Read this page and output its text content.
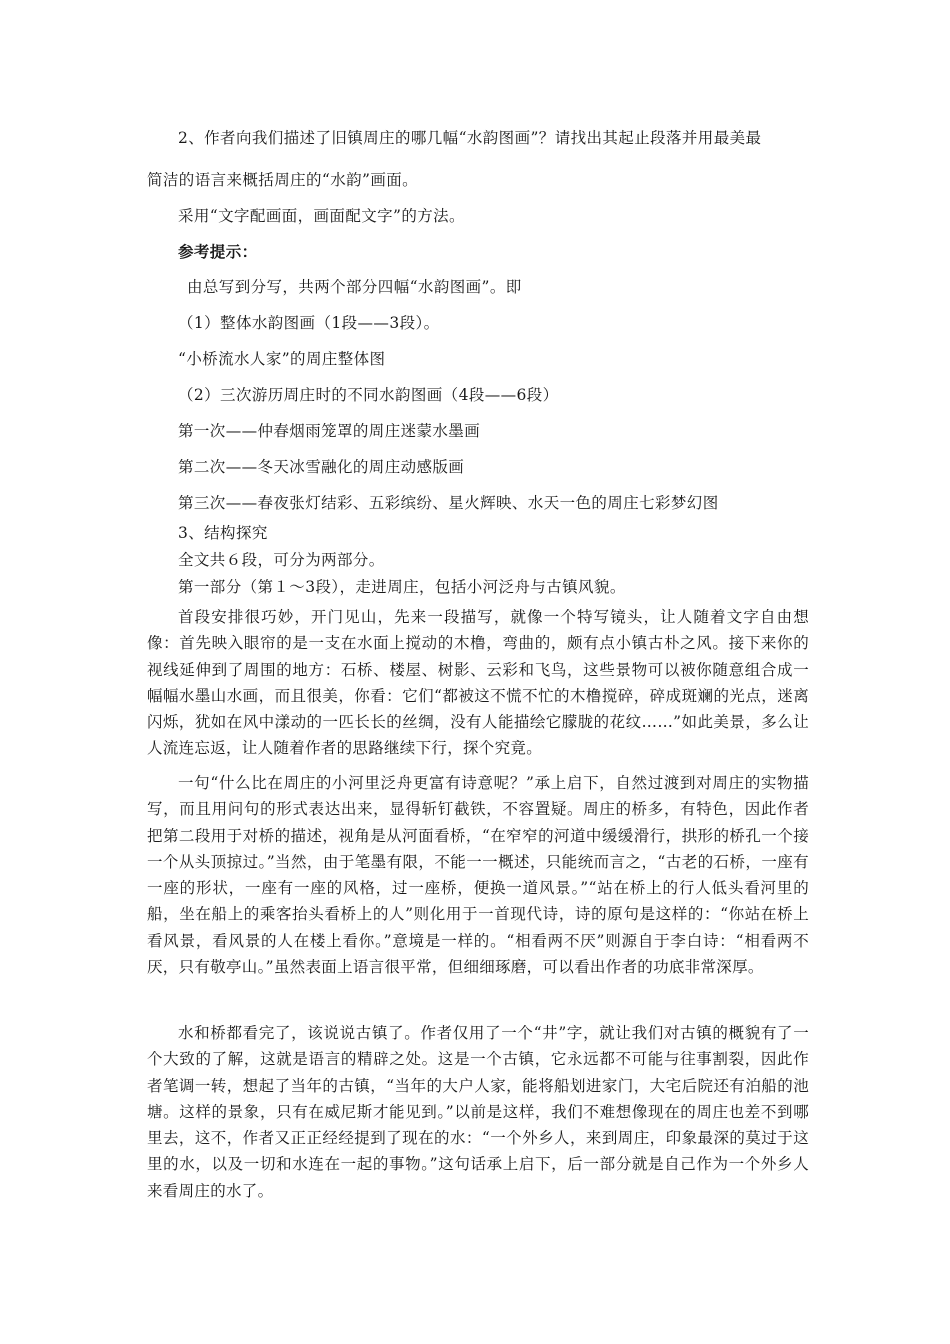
2、作者向我们描述了旧镇周庄的哪几幅“水韵图画”？请找出其起止段落并用最美最
简洁的语言来概括周庄的“水韵”画面。
采用“文字配画面，画面配文字”的方法。
参考提示：
由总写到分写，共两个部分四幅“水韵图画”。即
（1）整体水韵图画（1段——3段）。
“小桥流水人家”的周庄整体图
（2）三次游历周庄时的不同水韵图画（4段——6段）
第一次——仲春烟雨笼罩的周庄迷蒙水墨画
第二次——冬天冰雪融化的周庄动感版画
第三次——春夜张灯结彩、五彩缤纷、星火辉映、水天一色的周庄七彩梦幻图
3、结构探究
全文共６段，可分为两部分。
第一部分（第１～3段），走进周庄，包括小河泛舟与古镇风貌。
首段安排很巧妙，开门见山，先来一段描写，就像一个特写镜头，让人随着文字自由想像：首先映入眼帘的是一支在水面上搅动的木橹，弯曲的，颇有点小镇古朴之风。接下来你的视线延伸到了周围的地方：石桥、楼屋、树影、云彩和飞鸟，这些景物可以被你随意组合成一幅幅水墨山水画，而且很美，你看：它们“都被这不慌不忙的木橹搅碎，碎成斑斓的光点，迷离闪烁，犹如在风中漾动的一匹长长的丝绸，没有人能描绘它朦胧的花纹……”如此美景，多么让人流连忘返，让人随着作者的思路继续下行，探个究竟。
一句“什么比在周庄的小河里泛舟更富有诗意呢？”承上启下，自然过渡到对周庄的实物描写，而且用问句的形式表达出来，显得斩钉截铁，不容置疑。周庄的桥多，有特色，因此作者把第二段用于对桥的描述，视角是从河面看桥，“在窄窄的河道中缓缓滑行，拱形的桥孔一个接一个从头顶掠过。”当然，由于笔墨有限，不能一一概述，只能统而言之，“古老的石桥，一座有一座的形状，一座有一座的风格，过一座桥，便换一道风景。”“站在桥上的行人低头看河里的船，坐在船上的乘客抬头看桥上的人”则化用于一首现代诗，诗的原句是这样的：“你站在桥上看风景，看风景的人在楼上看你。”意境是一样的。“相看两不厌”则源自于李白诗：“相看两不厌，只有敬亭山。”虽然表面上语言很平常，但细细琢磨，可以看出作者的功底非常深厚。
水和桥都看完了，该说说古镇了。作者仅用了一个“井”字，就让我们对古镇的概貌有了一个大致的了解，这就是语言的精辟之处。这是一个古镇，它永远都不可能与往事割裂，因此作者笔调一转，想起了当年的古镇，“当年的大户人家，能将船划进家门，大宅后院还有泊船的池塘。这样的景象，只有在威尼斯才能见到。”以前是这样，我们不难想像现在的周庄也差不到哪里去，这不，作者又正正经经提到了现在的水：“一个外乡人，来到周庄，印象最深的莫过于这里的水，以及一切和水连在一起的事物。”这句话承上启下，后一部分就是自己作为一个外乡人来看周庄的水了。
